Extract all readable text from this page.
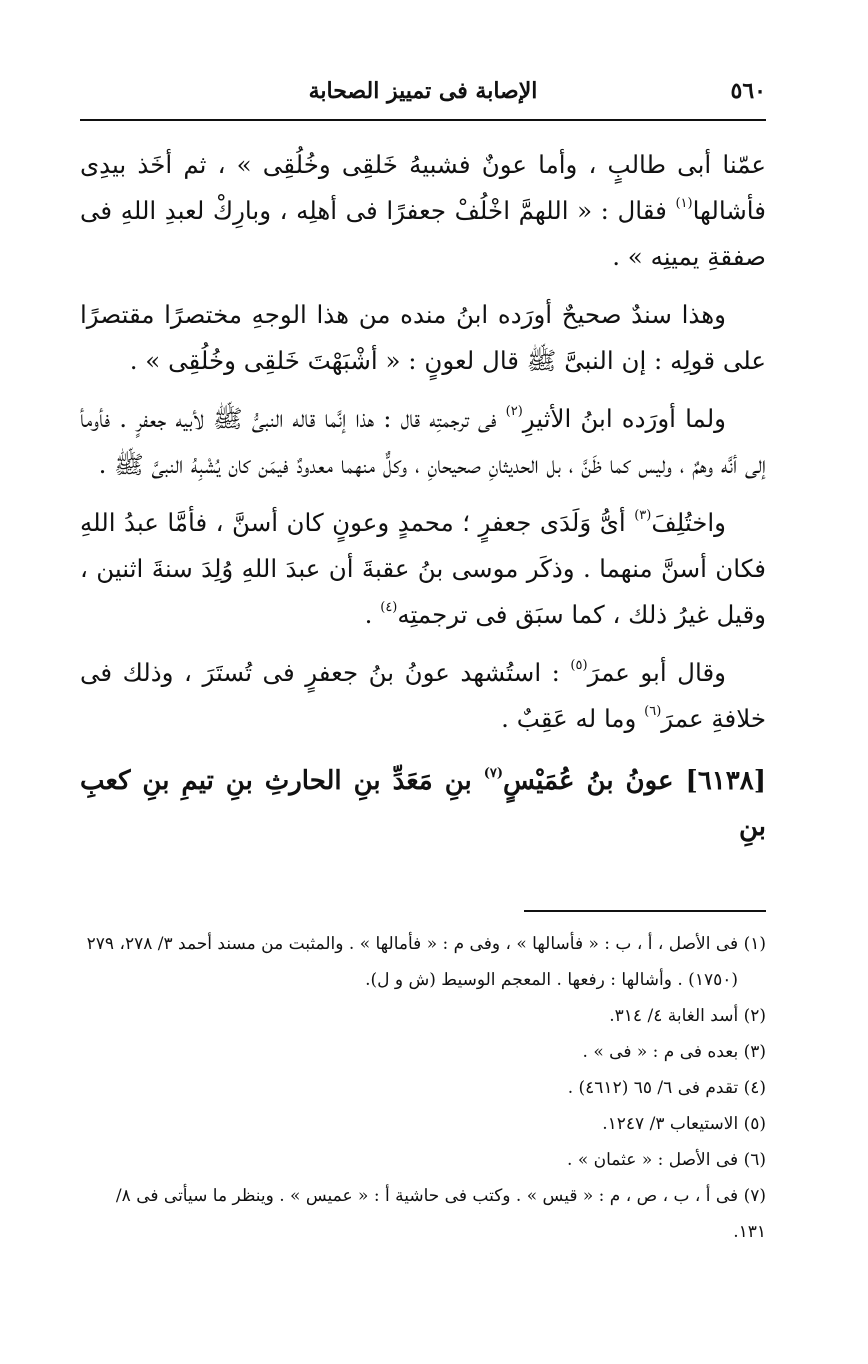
٥٦٠
الإصابة فى تمييز الصحابة

عمّنا أبى طالبٍ ، وأما عونٌ فشبيهُ خَلقِى وخُلُقِى » ، ثم أخَذ بيدِى فأشالها$^{(١)}$ فقال : « اللهمَّ اخْلُفْ جعفرًا فى أهلِه ، وبارِكْ لعبدِ اللهِ فى صفقةِ يمينِه » .

وهذا سندٌ صحيحٌ أورَده ابنُ منده من هذا الوجهِ مختصرًا مقتصرًا على قولِه : إن النبىَّ ﷺ قال لعونٍ : « أشْبَهْتَ خَلقِى وخُلُقِى » .

ولما أورَده ابنُ الأثيرِ$^{(٢)}$ فى ترجمتِه قال : هذا إنَّما قاله النبىُّ ﷺ لأبيه جعفرٍ . فأومأ إلى أنَّه وهمٌ ، وليس كما ظَنَّ ، بل الحديثانِ صحيحانِ ، وكلٌّ منهما معدودٌ فيمَن كان يُشْبِهُ النبىَّ ﷺ .

واختُلِفَ$^{(٣)}$ أىُّ وَلَدَى جعفرٍ ؛ محمدٍ وعونٍ كان أسنَّ ، فأمَّا عبدُ اللهِ فكان أسنَّ منهما . وذكَر موسى بنُ عقبةَ أن عبدَ اللهِ وُلِدَ سنةَ اثنين ، وقيل غيرُ ذلك ، كما سبَق فى ترجمتِه$^{(٤)}$ .

وقال أبو عمرَ$^{(٥)}$ : استُشهد عونُ بنُ جعفرٍ فى تُستَرَ ، وذلك فى خلافةِ عمرَ$^{(٦)}$ وما له عَقِبٌ .

[٦١٣٨] عونُ بنُ عُمَيْسٍ$^{(٧)}$ بنِ مَعَدِّ بنِ الحارثِ بنِ تيمِ بنِ كعبِ بنِ

(١) فى الأصل ، أ ، ب : « فأسالها » ، وفى م : « فأمالها » . والمثبت من مسند أحمد ٣/ ٢٧٨، ٢٧٩

(١٧٥٠) . وأشالها : رفعها . المعجم الوسيط (ش و ل).

(٢) أسد الغابة ٤/ ٣١٤.

(٣) بعده فى م : « فى » .

(٤) تقدم فى ٦/ ٦٥ (٤٦١٢) .

(٥) الاستيعاب ٣/ ١٢٤٧.

(٦) فى الأصل : « عثمان » .

(٧) فى أ ، ب ، ص ، م : « قيس » . وكتب فى حاشية أ : « عميس » . وينظر ما سيأتى فى ٨/ ١٣١.
